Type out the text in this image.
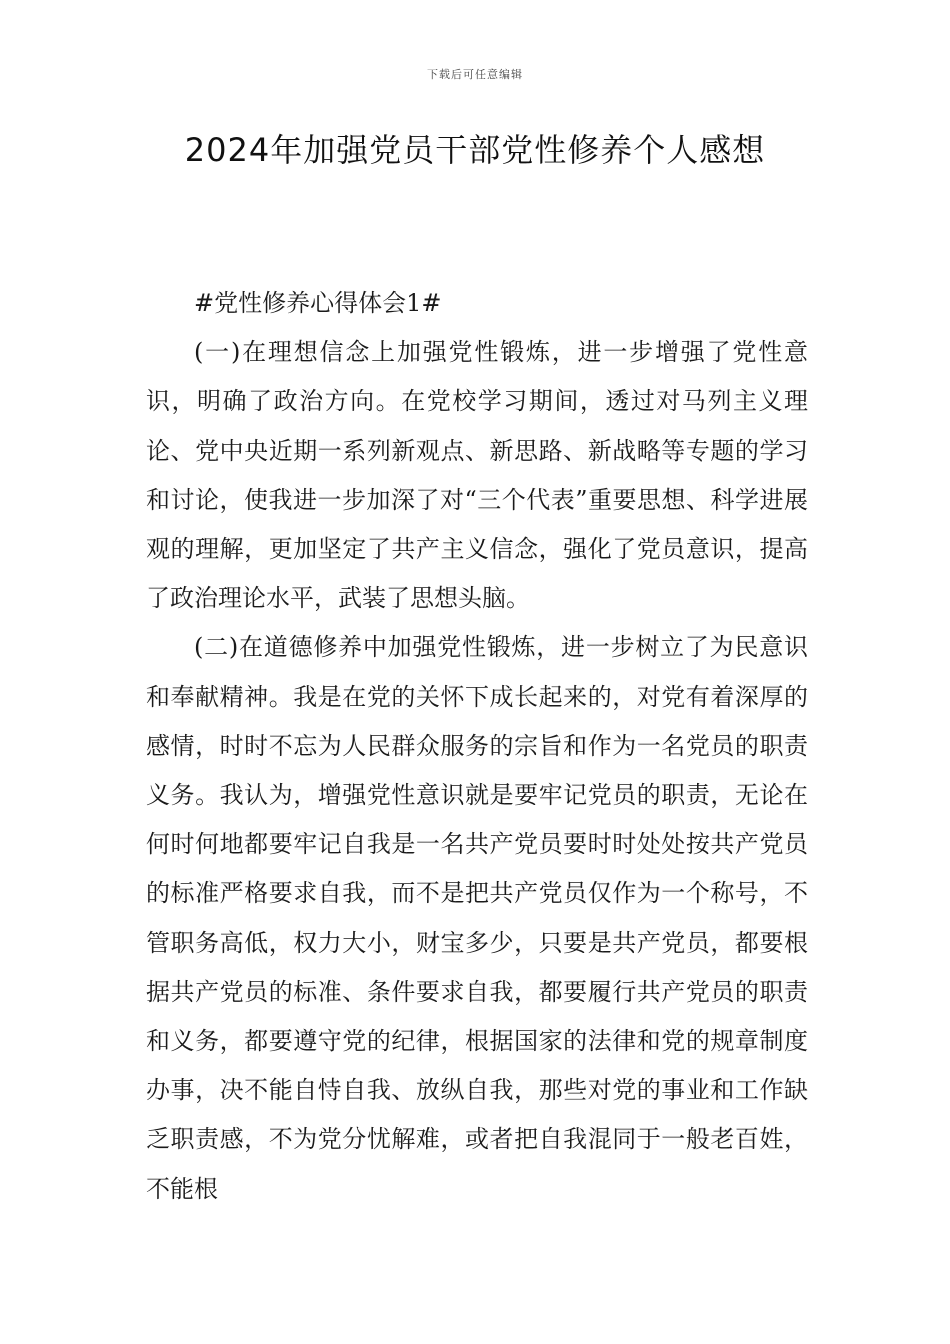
下载后可任意编辑
2024年加强党员干部党性修养个人感想
#党性修养心得体会1#

(一)在理想信念上加强党性锻炼，进一步增强了党性意识，明确了政治方向。在党校学习期间，透过对马列主义理论、党中央近期一系列新观点、新思路、新战略等专题的学习和讨论，使我进一步加深了对“三个代表”重要思想、科学进展观的理解，更加坚定了共产主义信念，强化了党员意识，提高了政治理论水平，武装了思想头脑。

(二)在道德修养中加强党性锻炼，进一步树立了为民意识和奉献精神。我是在党的关怀下成长起来的，对党有着深厚的感情，时时不忘为人民群众服务的宗旨和作为一名党员的职责义务。我认为，增强党性意识就是要牢记党员的职责，无论在何时何地都要牢记自我是一名共产党员要时时处处按共产党员的标准严格要求自我，而不是把共产党员仅作为一个称号，不管职务高低，权力大小，财宝多少，只要是共产党员，都要根据共产党员的标准、条件要求自我，都要履行共产党员的职责和义务，都要遵守党的纪律，根据国家的法律和党的规章制度办事，决不能自恃自我、放纵自我，那些对党的事业和工作缺乏职责感，不为党分忧解难，或者把自我混同于一般老百姓，不能根
